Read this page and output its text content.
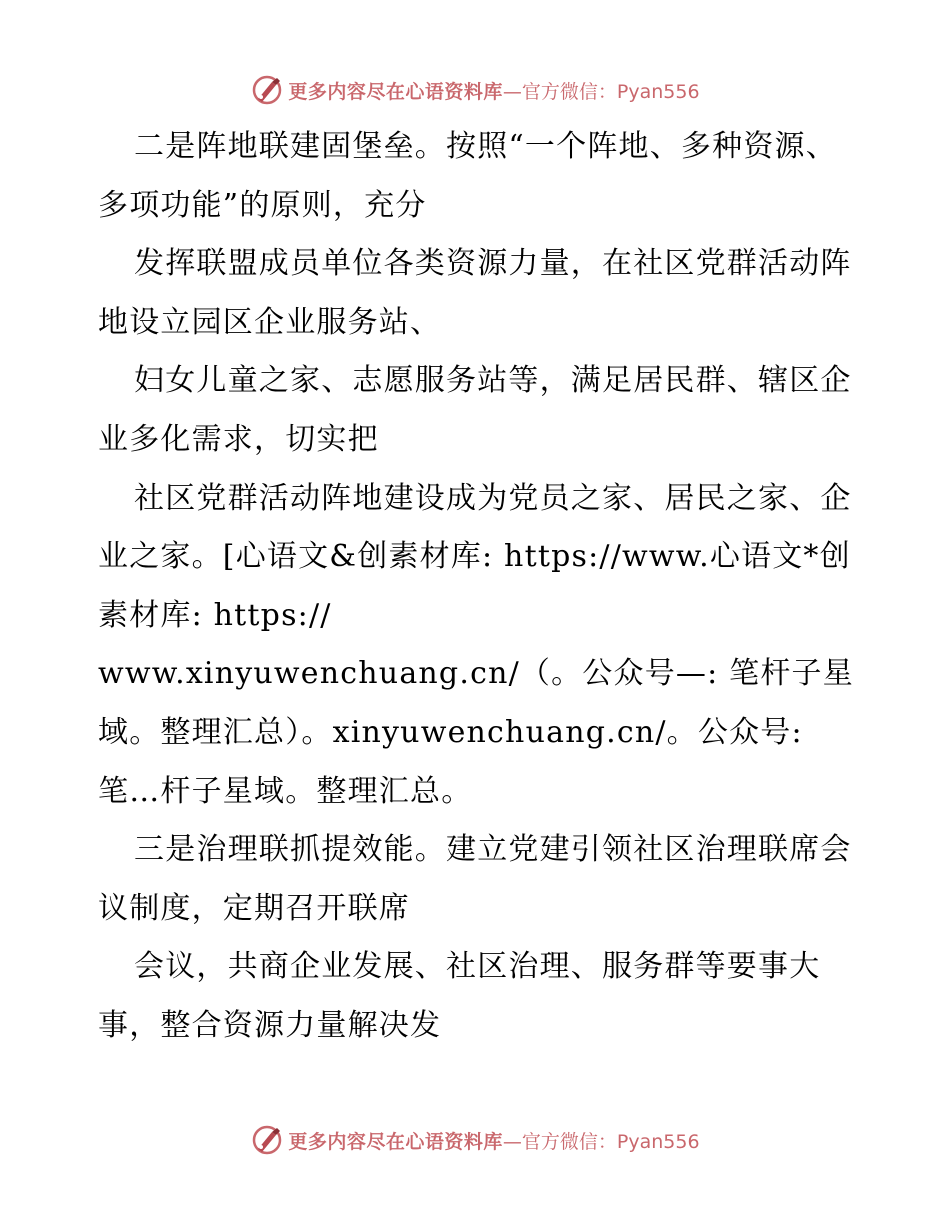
更多内容尽在心语资料库 —官方微信：Pyan556

二是阵地联建固堡垒。按照“一个阵地、多种资源、多项功能”的原则，充分

发挥联盟成员单位各类资源力量，在社区党群活动阵地设立园区企业服务站、

妇女儿童之家、志愿服务站等，满足居民群、辖区企业多化需求，切实把

社区党群活动阵地建设成为党员之家、居民之家、企业之家。[心语文&创素材库: https://www.心语文*创素材库: https://

www.xinyuwenchuang.cn/（。公众号—: 笔杆子星域。整理汇总）。xinyuwenchuang.cn/。公众号: 笔…杆子星域。整理汇总。

三是治理联抓提效能。建立党建引领社区治理联席会议制度，定期召开联席

会议，共商企业发展、社区治理、服务群等要事大事，整合资源力量解决发

更多内容尽在心语资料库 —官方微信：Pyan556
